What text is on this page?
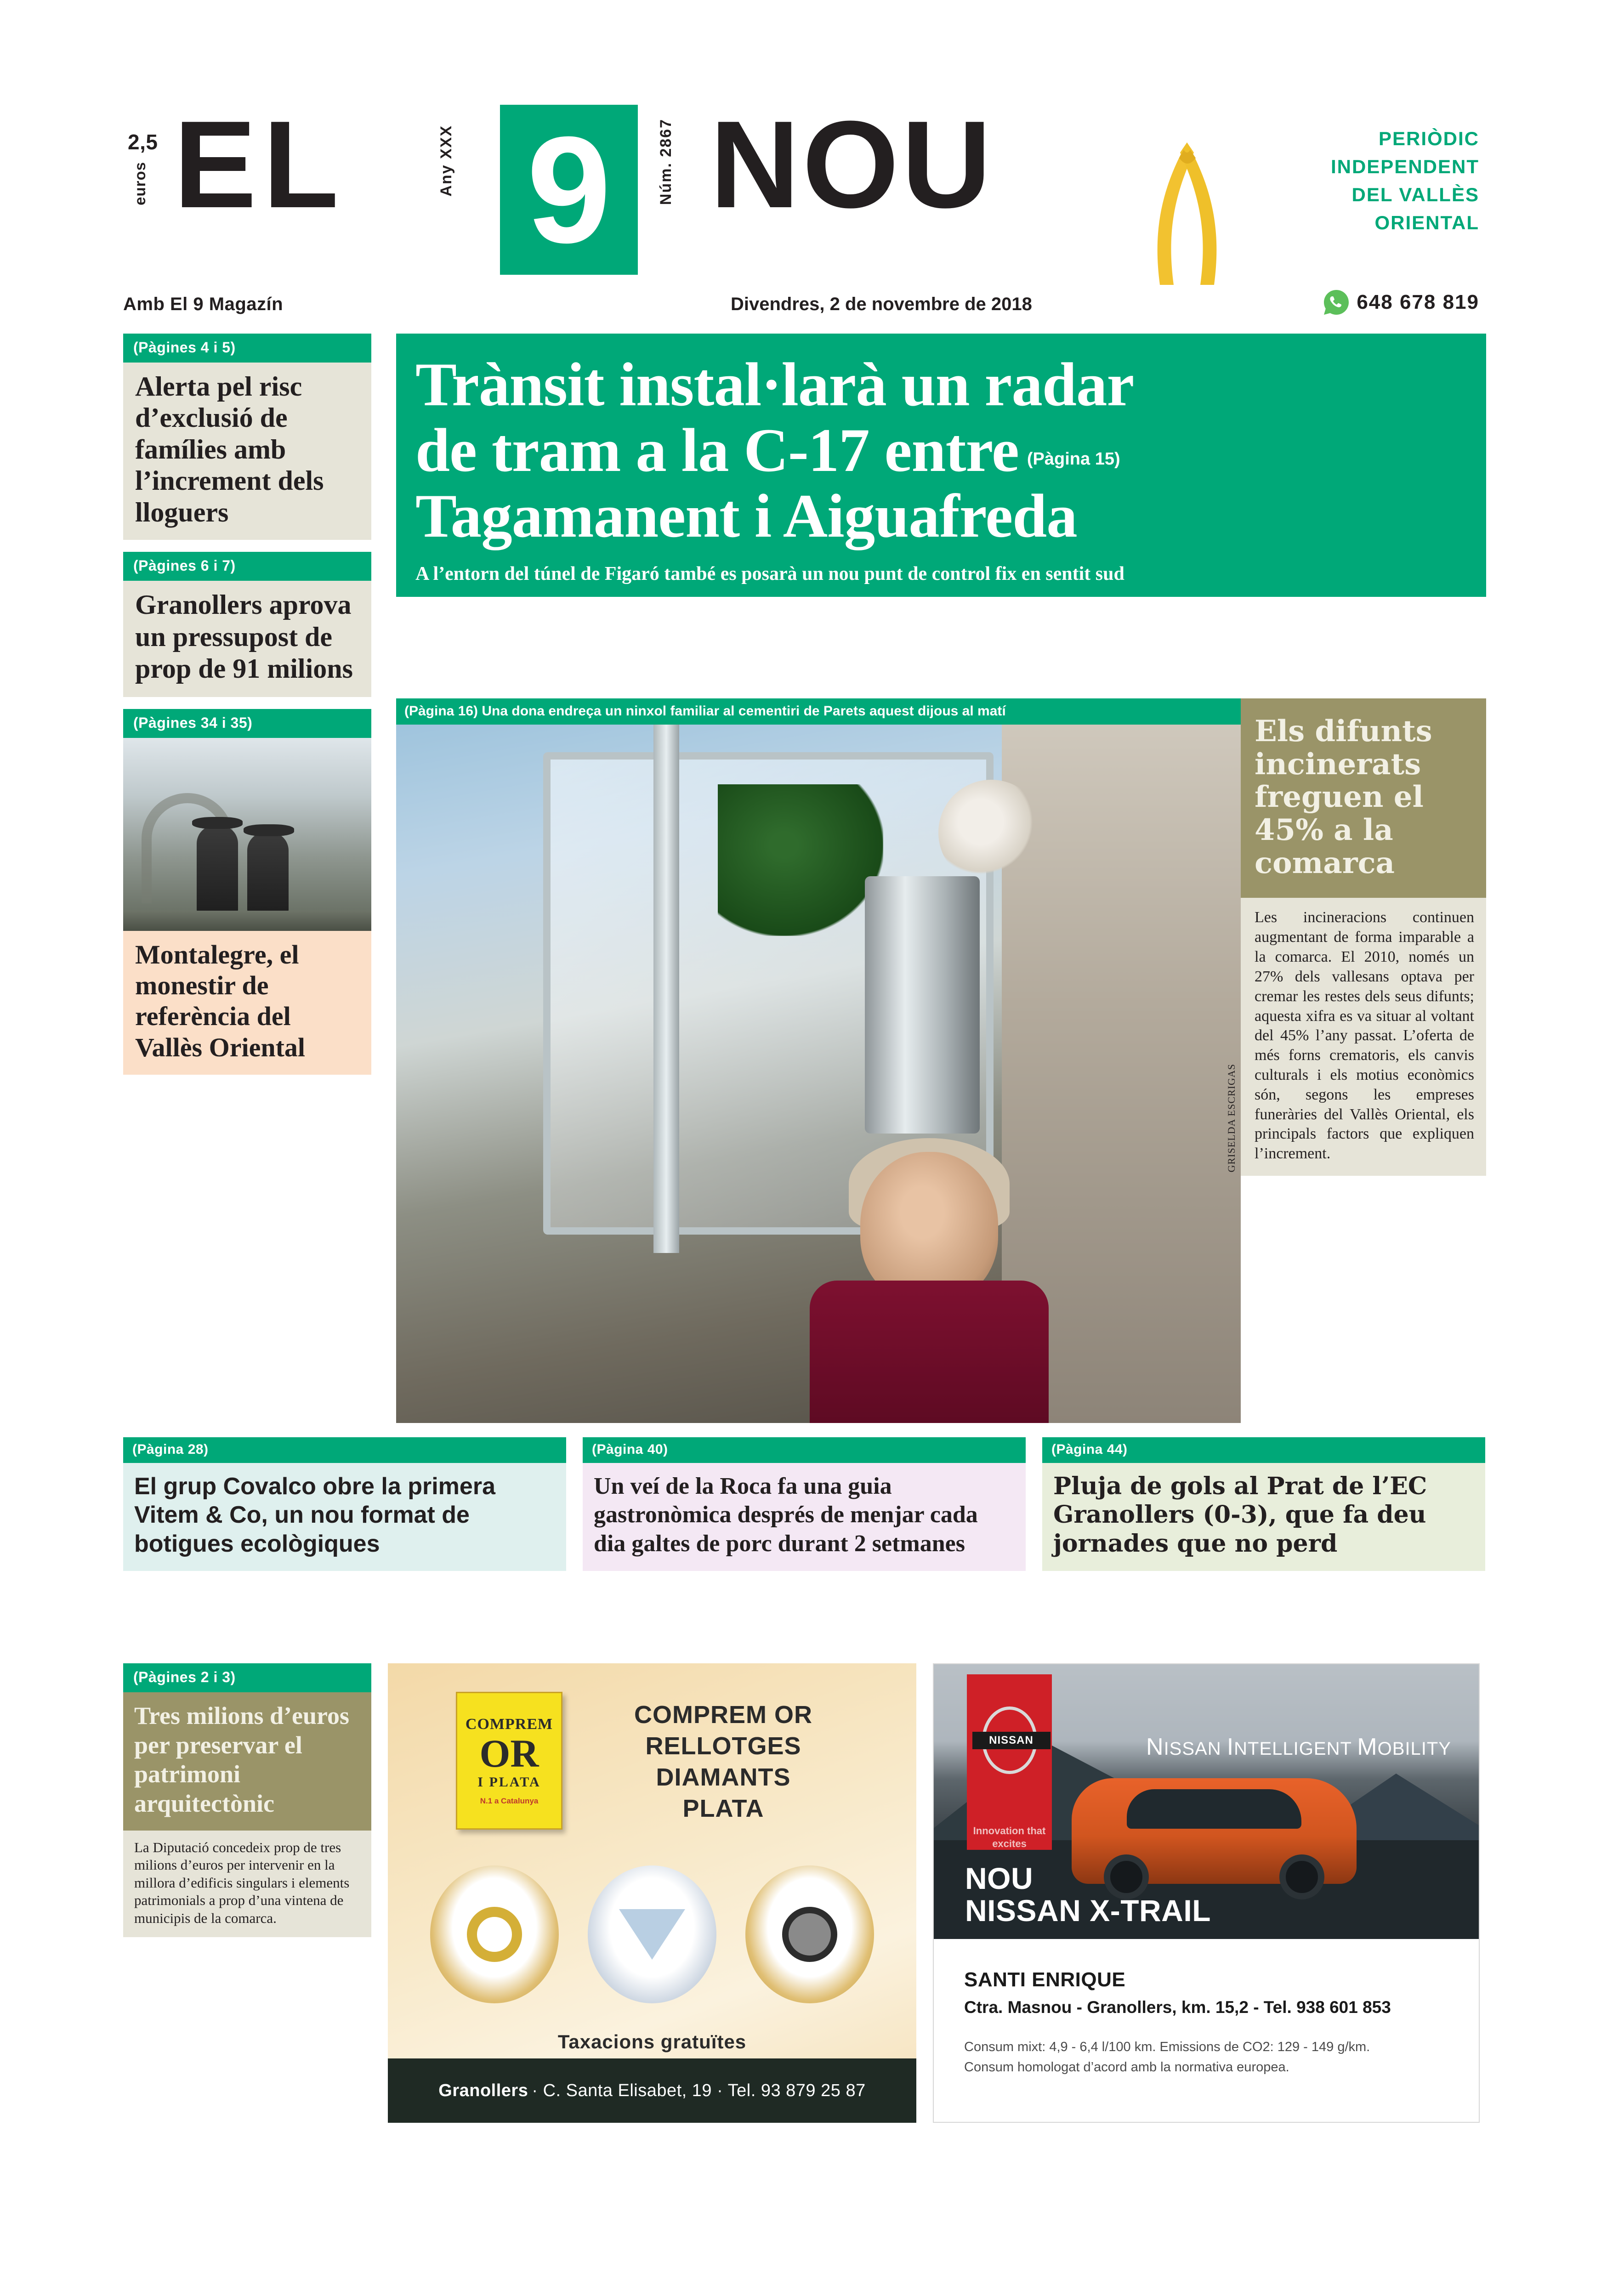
2,5
euros EL	Any XXX 9	Núm. 2867 NOU	PERIÒDIC
INDEPENDENT
DEL VALLÈS
ORIENTAL
Amb El 9 Magazín	Divendres, 2 de novembre de 2018	648 678 819
(Pàgines 4 i 5)
Alerta pel risc d’exclusió de famílies amb l’increment dels lloguers
(Pàgines 6 i 7)
Granollers aprova un pressupost de prop de 91 milions
(Pàgines 34 i 35)
Montalegre, el monestir de referència del Vallès Oriental
Trànsit instal·larà un radar
de tram a la C-17 entre (Pàgina 15)
Tagamanent i Aiguafreda
A l’entorn del túnel de Figaró també es posarà un nou punt de control fix en sentit sud
(Pàgina 16) Una dona endreça un ninxol familiar al cementiri de Parets aquest dijous al matí
Els difunts incinerats freguen el 45% a la comarca
GRISELDA ESCRIGAS
Les incineracions continuen augmentant de forma imparable a la comarca. El 2010, només un 27% dels vallesans optava per cremar les restes dels seus difunts; aquesta xifra es va situar al voltant del 45% l’any passat. L’oferta de més forns crematoris, els canvis culturals i els motius econòmics són, segons les empreses funeràries del Vallès Oriental, els principals factors que expliquen l’increment.
(Pàgina 28)
El grup Covalco obre la primera Vitem & Co, un nou format de botigues ecològiques
(Pàgina 40)
Un veí de la Roca fa una guia gastronòmica després de menjar cada dia galtes de porc durant 2 setmanes
(Pàgina 44)
Pluja de gols al Prat de l’EC Granollers (0-3), que fa deu jornades que no perd
(Pàgines 2 i 3)
Tres milions d’euros per preservar el patrimoni arquitectònic
La Diputació concedeix prop de tres milions d’euros per intervenir en la millora d’edificis singulars i elements patrimonials a prop d’una vintena de municipis de la comarca.
COMPREM
OR
I PLATA
N.1 a Catalunya
COMPREM OR
RELLOTGES
DIAMANTS
PLATA
Taxacions gratuïtes
Granollers · C. Santa Elisabet, 19 · Tel. 93 879 25 87
NISSAN
Innovation that excites
NISSAN INTELLIGENT MOBILITY
NOU
NISSAN X-TRAIL
SANTI ENRIQUE
Ctra. Masnou - Granollers, km. 15,2 - Tel. 938 601 853
Consum mixt: 4,9 - 6,4 l/100 km. Emissions de CO2: 129 - 149 g/km.
Consum homologat d’acord amb la normativa europea.
